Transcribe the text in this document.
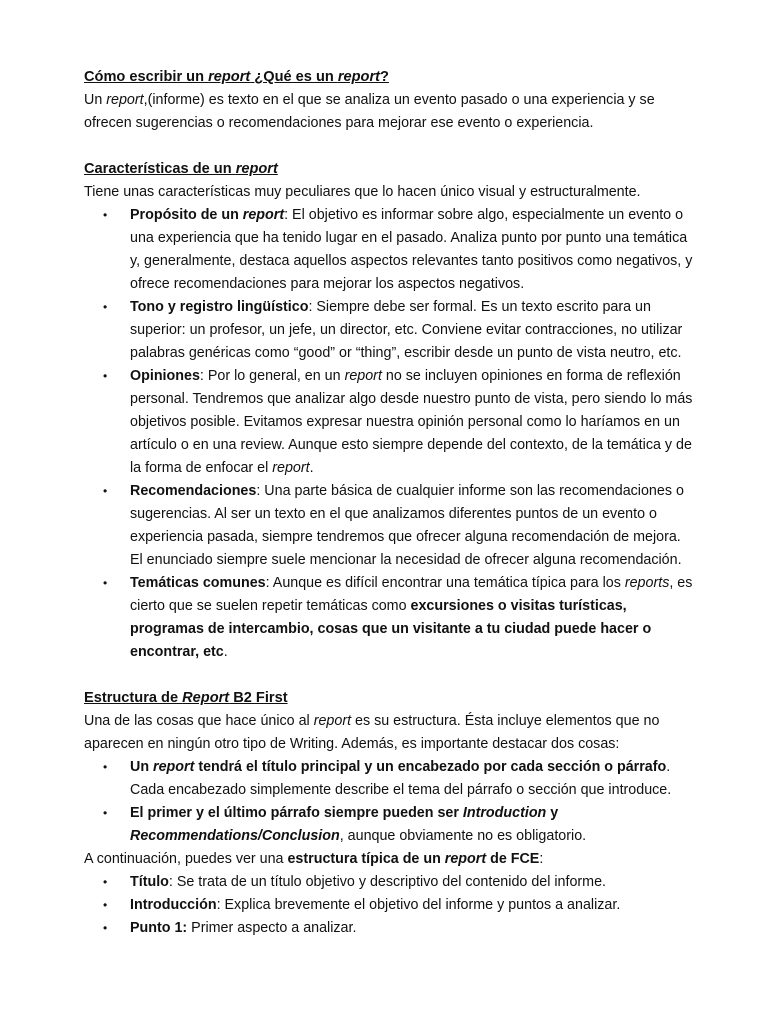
Cómo escribir un report ¿Qué es un report?

Un report,(informe) es texto en el que se analiza un evento pasado o una experiencia y se ofrecen sugerencias o recomendaciones para mejorar ese evento o experiencia.

Características de un report

Tiene unas características muy peculiares que lo hacen único visual y estructuralmente.

•	Propósito de un report: El objetivo es informar sobre algo, especialmente un evento o una experiencia que ha tenido lugar en el pasado. Analiza punto por punto una temática y, generalmente, destaca aquellos aspectos relevantes tanto positivos como negativos, y ofrece recomendaciones para mejorar los aspectos negativos.
•	Tono y registro lingüístico: Siempre debe ser formal. Es un texto escrito para un superior: un profesor, un jefe, un director, etc. Conviene evitar contracciones, no utilizar palabras genéricas como “good” or “thing”, escribir desde un punto de vista neutro, etc.
•	Opiniones: Por lo general, en un report no se incluyen opiniones en forma de reflexión personal. Tendremos que analizar algo desde nuestro punto de vista, pero siendo lo más objetivos posible. Evitamos expresar nuestra opinión personal como lo haríamos en un artículo o en una review. Aunque esto siempre depende del contexto, de la temática y de la forma de enfocar el report.
•	Recomendaciones: Una parte básica de cualquier informe son las recomendaciones o sugerencias. Al ser un texto en el que analizamos diferentes puntos de un evento o experiencia pasada, siempre tendremos que ofrecer alguna recomendación de mejora. El enunciado siempre suele mencionar la necesidad de ofrecer alguna recomendación.
•	Temáticas comunes: Aunque es difícil encontrar una temática típica para los reports, es cierto que se suelen repetir temáticas como excursiones o visitas turísticas, programas de intercambio, cosas que un visitante a tu ciudad puede hacer o encontrar, etc.

Estructura de Report B2 First

Una de las cosas que hace único al report es su estructura. Ésta incluye elementos que no aparecen en ningún otro tipo de Writing. Además, es importante destacar dos cosas:

•	Un report tendrá el título principal y un encabezado por cada sección o párrafo. Cada encabezado simplemente describe el tema del párrafo o sección que introduce.
•	El primer y el último párrafo siempre pueden ser Introduction y Recommendations/Conclusion, aunque obviamente no es obligatorio.

A continuación, puedes ver una estructura típica de un report de FCE:

•	Título: Se trata de un título objetivo y descriptivo del contenido del informe.
•	Introducción: Explica brevemente el objetivo del informe y puntos a analizar.
•	Punto 1: Primer aspecto a analizar.
